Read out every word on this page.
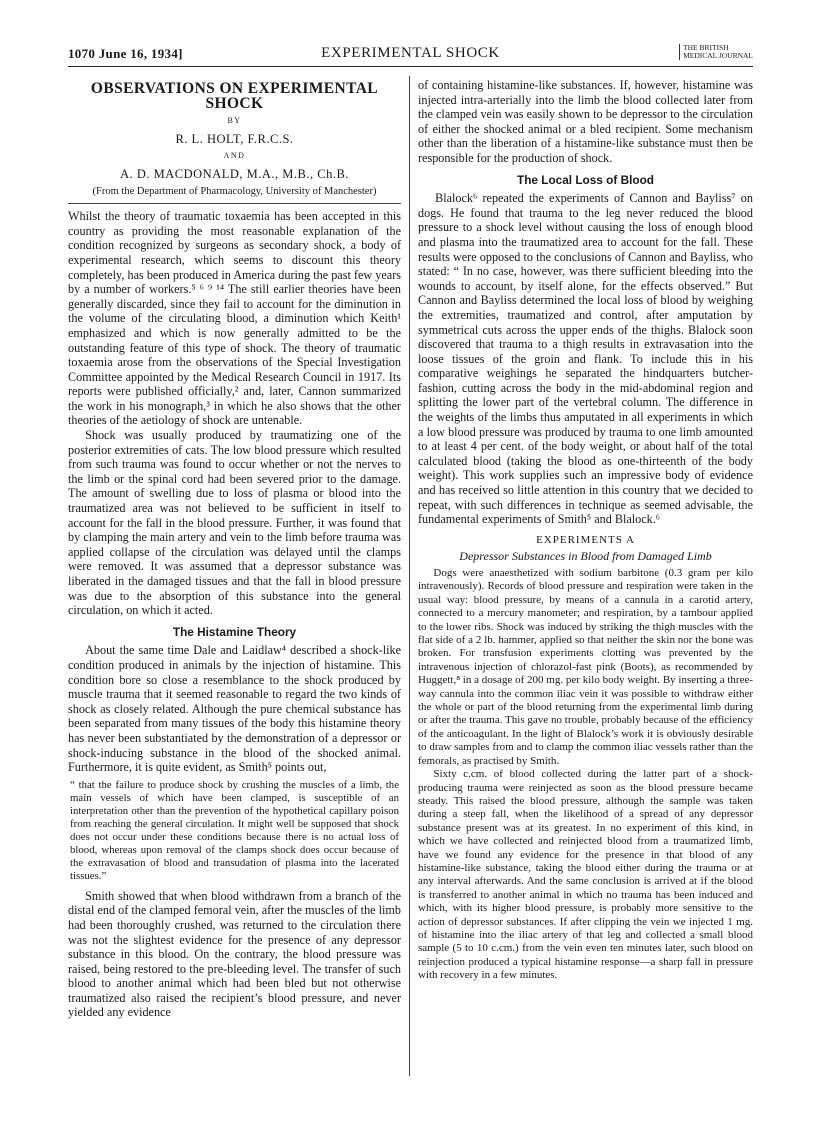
1070 June 16, 1934]	EXPERIMENTAL SHOCK	THE BRITISH
MEDICAL JOURNAL
OBSERVATIONS ON EXPERIMENTAL SHOCK
BY
R. L. HOLT, F.R.C.S.
AND
A. D. MACDONALD, M.A., M.B., Ch.B.
(From the Department of Pharmacology, University of Manchester)

Whilst the theory of traumatic toxaemia has been accepted in this country as providing the most reasonable explanation of the condition recognized by surgeons as secondary shock, a body of experimental research, which seems to discount this theory completely, has been produced in America during the past few years by a number of workers.⁵ ⁶ ⁹ ¹⁴ The still earlier theories have been generally discarded, since they fail to account for the diminution in the volume of the circulating blood, a diminution which Keith¹ emphasized and which is now generally admitted to be the outstanding feature of this type of shock. The theory of traumatic toxaemia arose from the observations of the Special Investigation Committee appointed by the Medical Research Council in 1917. Its reports were published officially,² and, later, Cannon summarized the work in his monograph,³ in which he also shows that the other theories of the aetiology of shock are untenable.

Shock was usually produced by traumatizing one of the posterior extremities of cats. The low blood pressure which resulted from such trauma was found to occur whether or not the nerves to the limb or the spinal cord had been severed prior to the damage. The amount of swelling due to loss of plasma or blood into the traumatized area was not believed to be sufficient in itself to account for the fall in the blood pressure. Further, it was found that by clamping the main artery and vein to the limb before trauma was applied collapse of the circulation was delayed until the clamps were removed. It was assumed that a depressor substance was liberated in the damaged tissues and that the fall in blood pressure was due to the absorption of this substance into the general circulation, on which it acted.

The Histamine Theory

About the same time Dale and Laidlaw⁴ described a shock-like condition produced in animals by the injection of histamine. This condition bore so close a resemblance to the shock produced by muscle trauma that it seemed reasonable to regard the two kinds of shock as closely related. Although the pure chemical substance has been separated from many tissues of the body this histamine theory has never been substantiated by the demonstration of a depressor or shock-inducing substance in the blood of the shocked animal. Furthermore, it is quite evident, as Smith⁵ points out,

“ that the failure to produce shock by crushing the muscles of a limb, the main vessels of which have been clamped, is susceptible of an interpretation other than the prevention of the hypothetical capillary poison from reaching the general circulation. It might well be supposed that shock does not occur under these conditions because there is no actual loss of blood, whereas upon removal of the clamps shock does occur because of the extravasation of blood and transudation of plasma into the lacerated tissues.”

Smith showed that when blood withdrawn from a branch of the distal end of the clamped femoral vein, after the muscles of the limb had been thoroughly crushed, was returned to the circulation there was not the slightest evidence for the presence of any depressor substance in this blood. On the contrary, the blood pressure was raised, being restored to the pre-bleeding level. The transfer of such blood to another animal which had been bled but not otherwise traumatized also raised the recipient’s blood pressure, and never yielded any evidence

of containing histamine-like substances. If, however, histamine was injected intra-arterially into the limb the blood collected later from the clamped vein was easily shown to be depressor to the circulation of either the shocked animal or a bled recipient. Some mechanism other than the liberation of a histamine-like substance must then be responsible for the production of shock.

The Local Loss of Blood

Blalock⁶ repeated the experiments of Cannon and Bayliss⁷ on dogs. He found that trauma to the leg never reduced the blood pressure to a shock level without causing the loss of enough blood and plasma into the traumatized area to account for the fall. These results were opposed to the conclusions of Cannon and Bayliss, who stated: “ In no case, however, was there sufficient bleeding into the wounds to account, by itself alone, for the effects observed.” But Cannon and Bayliss determined the local loss of blood by weighing the extremities, traumatized and control, after amputation by symmetrical cuts across the upper ends of the thighs. Blalock soon discovered that trauma to a thigh results in extravasation into the loose tissues of the groin and flank. To include this in his comparative weighings he separated the hindquarters butcher-fashion, cutting across the body in the mid-abdominal region and splitting the lower part of the vertebral column. The difference in the weights of the limbs thus amputated in all experiments in which a low blood pressure was produced by trauma to one limb amounted to at least 4 per cent. of the body weight, or about half of the total calculated blood (taking the blood as one-thirteenth of the body weight). This work supplies such an impressive body of evidence and has received so little attention in this country that we decided to repeat, with such differences in technique as seemed advisable, the fundamental experiments of Smith⁵ and Blalock.⁶

EXPERIMENTS A
Depressor Substances in Blood from Damaged Limb

Dogs were anaesthetized with sodium barbitone (0.3 gram per kilo intravenously). Records of blood pressure and respiration were taken in the usual way: blood pressure, by means of a cannula in a carotid artery, connected to a mercury manometer; and respiration, by a tambour applied to the lower ribs. Shock was induced by striking the thigh muscles with the flat side of a 2 lb. hammer, applied so that neither the skin nor the bone was broken. For transfusion experiments clotting was prevented by the intravenous injection of chlorazol-fast pink (Boots), as recommended by Huggett,⁸ in a dosage of 200 mg. per kilo body weight. By inserting a three-way cannula into the common iliac vein it was possible to withdraw either the whole or part of the blood returning from the experimental limb during or after the trauma. This gave no trouble, probably because of the efficiency of the anticoagulant. In the light of Blalock’s work it is obviously desirable to draw samples from and to clamp the common iliac vessels rather than the femorals, as practised by Smith.

Sixty c.cm. of blood collected during the latter part of a shock-producing trauma were reinjected as soon as the blood pressure became steady. This raised the blood pressure, although the sample was taken during a steep fall, when the likelihood of a spread of any depressor substance present was at its greatest. In no experiment of this kind, in which we have collected and reinjected blood from a traumatized limb, have we found any evidence for the presence in that blood of any histamine-like substance, taking the blood either during the trauma or at any interval afterwards. And the same conclusion is arrived at if the blood is transferred to another animal in which no trauma has been induced and which, with its higher blood pressure, is probably more sensitive to the action of depressor substances. If after clipping the vein we injected 1 mg. of histamine into the iliac artery of that leg and collected a small blood sample (5 to 10 c.cm.) from the vein even ten minutes later, such blood on reinjection produced a typical histamine response—a sharp fall in pressure with recovery in a few minutes.
